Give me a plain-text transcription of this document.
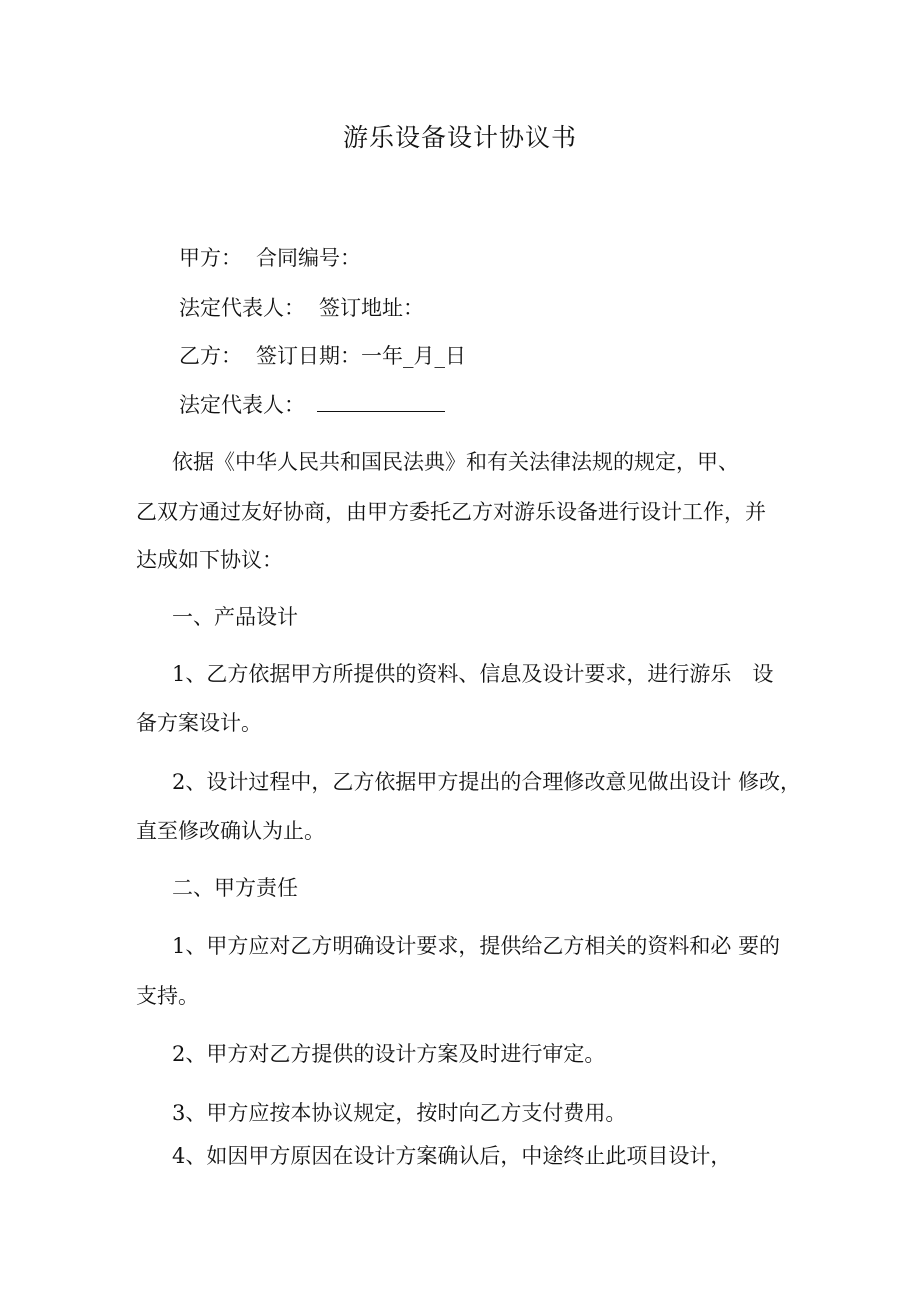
游乐设备设计协议书
甲方： 合同编号：
法定代表人： 签订地址：
乙方： 签订日期：一年_月_日
法定代表人：
依据《中华人民共和国民法典》和有关法律法规的规定，甲、
乙双方通过友好协商，由甲方委托乙方对游乐设备进行设计工作，并
达成如下协议：
一、产品设计
1、乙方依据甲方所提供的资料、信息及设计要求，进行游乐　设
备方案设计。
2、设计过程中，乙方依据甲方提出的合理修改意见做出设计 修改，
直至修改确认为止。
二、甲方责任
1、甲方应对乙方明确设计要求，提供给乙方相关的资料和必 要的
支持。
2、甲方对乙方提供的设计方案及时进行审定。
3、甲方应按本协议规定，按时向乙方支付费用。
4、如因甲方原因在设计方案确认后，中途终止此项目设计，
